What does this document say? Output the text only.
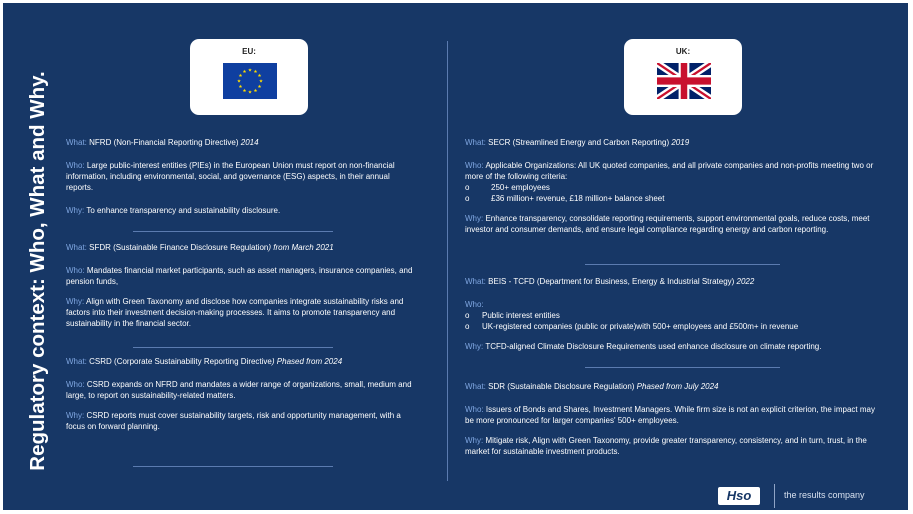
Regulatory context: Who, What and Why.
EU:	UK:

What: NFRD (Non-Financial Reporting Directive) 2014

Who: Large public-interest entities (PIEs) in the European Union must report on non-financial information, including environmental, social, and governance (ESG) aspects, in their annual reports.

Why: To enhance transparency and sustainability disclosure.

What: SFDR (Sustainable Finance Disclosure Regulation) from March 2021

Who: Mandates financial market participants, such as asset managers, insurance companies, and pension funds,

Why: Align with Green Taxonomy and disclose how companies integrate sustainability risks and factors into their investment decision-making processes. It aims to promote transparency and sustainability in the financial sector.

What: CSRD (Corporate Sustainability Reporting Directive) Phased from 2024

Who: CSRD expands on NFRD and mandates a wider range of organizations, small, medium and large, to report on sustainability-related matters.

Why: CSRD reports must cover sustainability targets, risk and opportunity management, with a focus on forward planning.

What: SECR (Streamlined Energy and Carbon Reporting) 2019

Who: Applicable Organizations: All UK quoted companies, and all private companies and non-profits meeting two or more of the following criteria:

o	250+ employees
o	£36 million+ revenue, £18 million+ balance sheet

Why: Enhance transparency, consolidate reporting requirements, support environmental goals, reduce costs, meet investor and consumer demands, and ensure legal compliance regarding energy and carbon reporting.

What: BEIS - TCFD (Department for Business, Energy & Industrial Strategy) 2022

Who:

o	Public interest entities
o	UK-registered companies (public or private)with 500+ employees and £500m+ in revenue

Why: TCFD-aligned Climate Disclosure Requirements used enhance disclosure on climate reporting.

What: SDR (Sustainable Disclosure Regulation) Phased from July 2024

Who: Issuers of Bonds and Shares, Investment Managers. While firm size is not an explicit criterion, the impact may be more pronounced for larger companies' 500+ employees.

Why: Mitigate risk, Align with Green Taxonomy, provide greater transparency, consistency, and in turn, trust, in the market for sustainable investment products.

Hso	the results company
